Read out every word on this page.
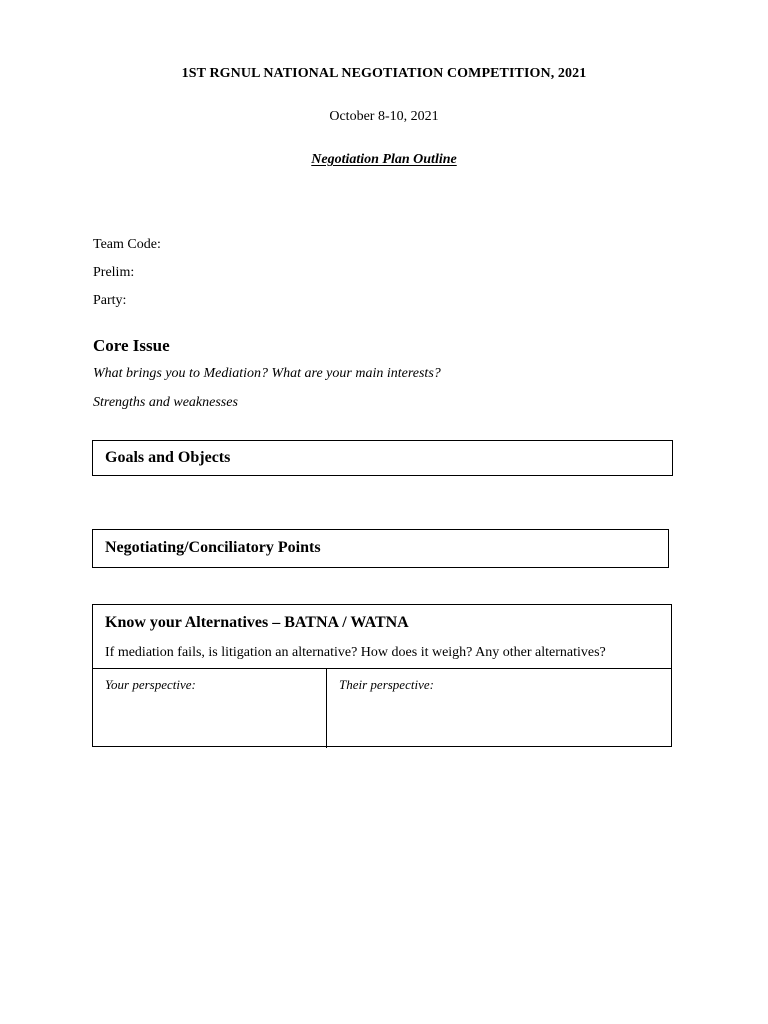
1ST RGNUL NATIONAL NEGOTIATION COMPETITION, 2021
October 8-10, 2021
Negotiation Plan Outline
Team Code:
Prelim:
Party:
Core Issue
What brings you to Mediation? What are your main interests?
Strengths and weaknesses
Goals and Objects
Negotiating/Conciliatory Points
Know your Alternatives – BATNA / WATNA
If mediation fails, is litigation an alternative? How does it weigh? Any other alternatives?
Your perspective:	Their perspective:
